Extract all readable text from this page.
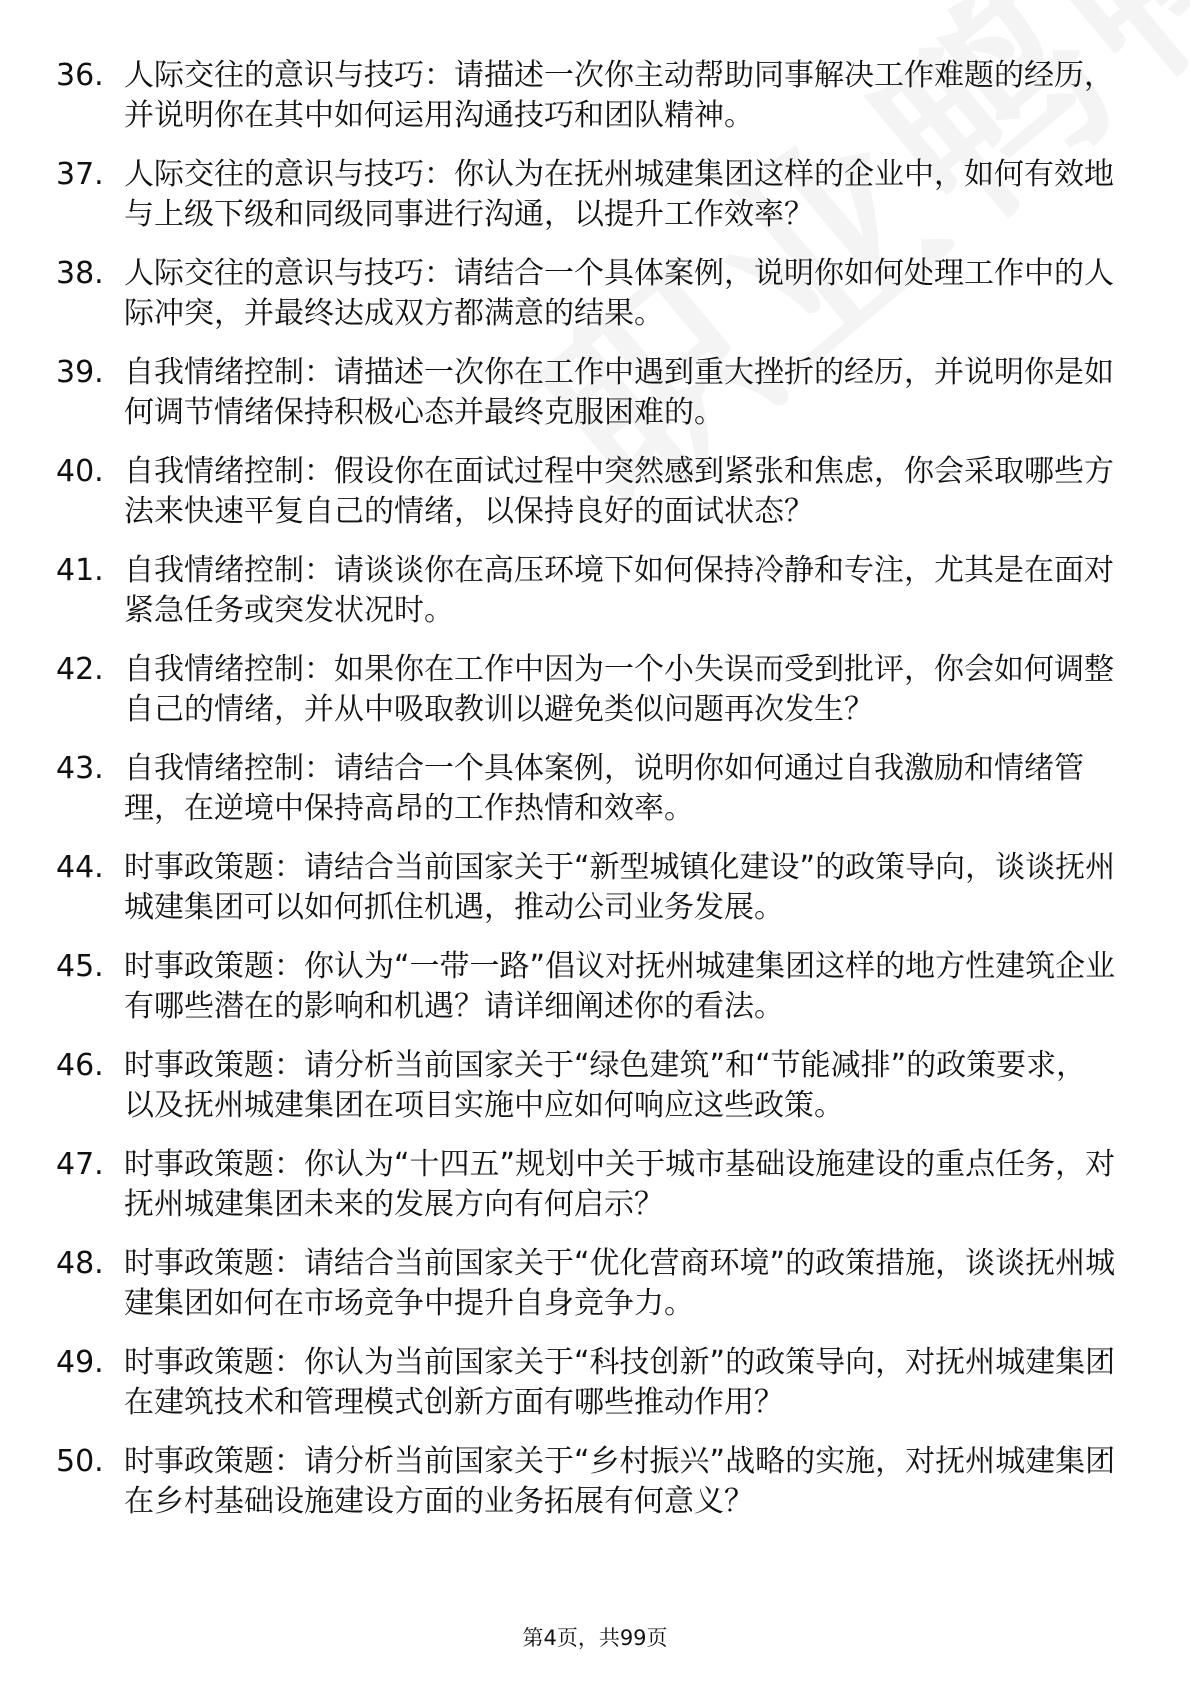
36. 人际交往的意识与技巧：请描述一次你主动帮助同事解决工作难题的经历，并说明你在其中如何运用沟通技巧和团队精神。
37. 人际交往的意识与技巧：你认为在抚州城建集团这样的企业中，如何有效地与上级下级和同级同事进行沟通，以提升工作效率？
38. 人际交往的意识与技巧：请结合一个具体案例，说明你如何处理工作中的人际冲突，并最终达成双方都满意的结果。
39. 自我情绪控制：请描述一次你在工作中遇到重大挫折的经历，并说明你是如何调节情绪保持积极心态并最终克服困难的。
40. 自我情绪控制：假设你在面试过程中突然感到紧张和焦虑，你会采取哪些方法来快速平复自己的情绪，以保持良好的面试状态？
41. 自我情绪控制：请谈谈你在高压环境下如何保持冷静和专注，尤其是在面对紧急任务或突发状况时。
42. 自我情绪控制：如果你在工作中因为一个小失误而受到批评，你会如何调整自己的情绪，并从中吸取教训以避免类似问题再次发生？
43. 自我情绪控制：请结合一个具体案例，说明你如何通过自我激励和情绪管理，在逆境中保持高昂的工作热情和效率。
44. 时事政策题：请结合当前国家关于“新型城镇化建设”的政策导向，谈谈抚州城建集团可以如何抓住机遇，推动公司业务发展。
45. 时事政策题：你认为“一带一路”倡议对抚州城建集团这样的地方性建筑企业有哪些潜在的影响和机遇？请详细阐述你的看法。
46. 时事政策题：请分析当前国家关于“绿色建筑”和“节能减排”的政策要求，以及抚州城建集团在项目实施中应如何响应这些政策。
47. 时事政策题：你认为“十四五”规划中关于城市基础设施建设的重点任务，对抚州城建集团未来的发展方向有何启示？
48. 时事政策题：请结合当前国家关于“优化营商环境”的政策措施，谈谈抚州城建集团如何在市场竞争中提升自身竞争力。
49. 时事政策题：你认为当前国家关于“科技创新”的政策导向，对抚州城建集团在建筑技术和管理模式创新方面有哪些推动作用？
50. 时事政策题：请分析当前国家关于“乡村振兴”战略的实施，对抚州城建集团在乡村基础设施建设方面的业务拓展有何意义？
第4页，共99页
